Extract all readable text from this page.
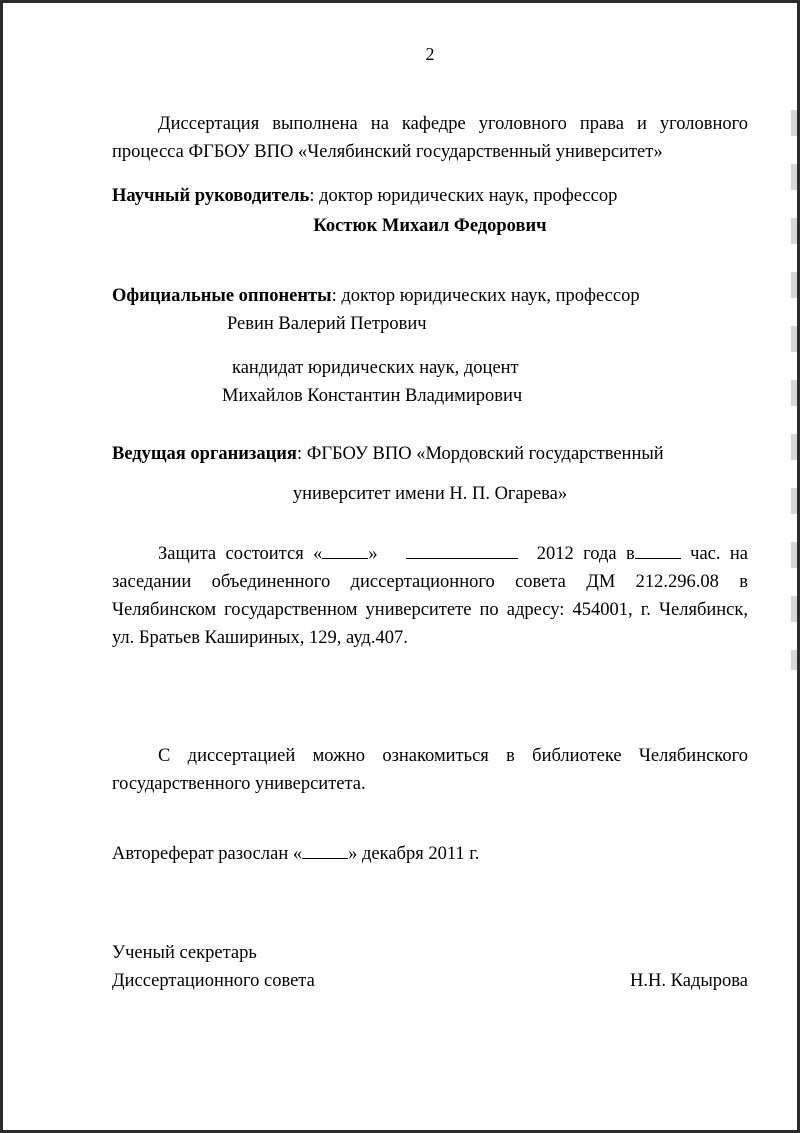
2
Диссертация выполнена на кафедре уголовного права и уголовного процесса ФГБОУ ВПО «Челябинский государственный университет»
Научный руководитель: доктор юридических наук, профессор
Костюк Михаил Федорович
Официальные оппоненты: доктор юридических наук, профессор
Ревин Валерий Петрович
кандидат юридических наук, доцент
Михайлов Константин Владимирович
Ведущая организация: ФГБОУ ВПО «Мордовский государственный
университет имени Н. П. Огарева»
Защита состоится « »	2012 года в	час. на заседании объединенного диссертационного совета ДМ 212.296.08 в Челябинском государственном университете по адресу: 454001, г. Челябинск, ул. Братьев Кашириных, 129, ауд.407.
С диссертацией можно ознакомиться в библиотеке Челябинского государственного университета.
Автореферат разослан « » декабря 2011 г.
Ученый секретарь
Диссертационного совета	Н.Н. Кадырова
